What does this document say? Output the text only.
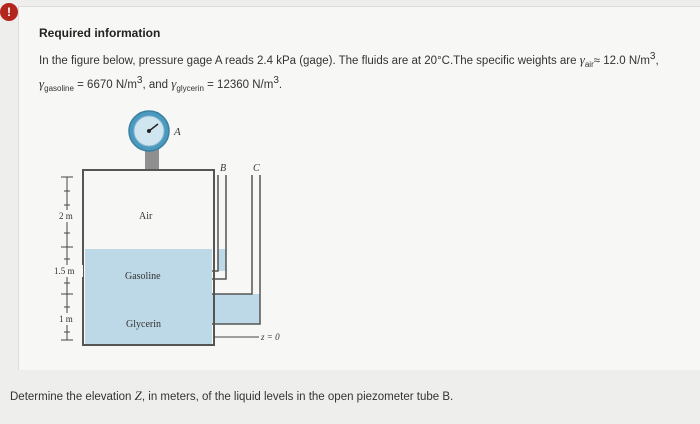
!
Required information
In the figure below, pressure gage A reads 2.4 kPa (gage). The fluids are at 20°C.The specific weights are $\gamma_{air}\approx 12.0$ $N/m^3$,
$\gamma_{gasoline} = 6670$ $N/m^3$, and $\gamma_{glycerin} = 12360$ $N/m^3$.
A
B	C
Air
Gasoline
Glycerin
2 m
1.5 m
1 m
z = 0
Determine the elevation Z, in meters, of the liquid levels in the open piezometer tube B.
